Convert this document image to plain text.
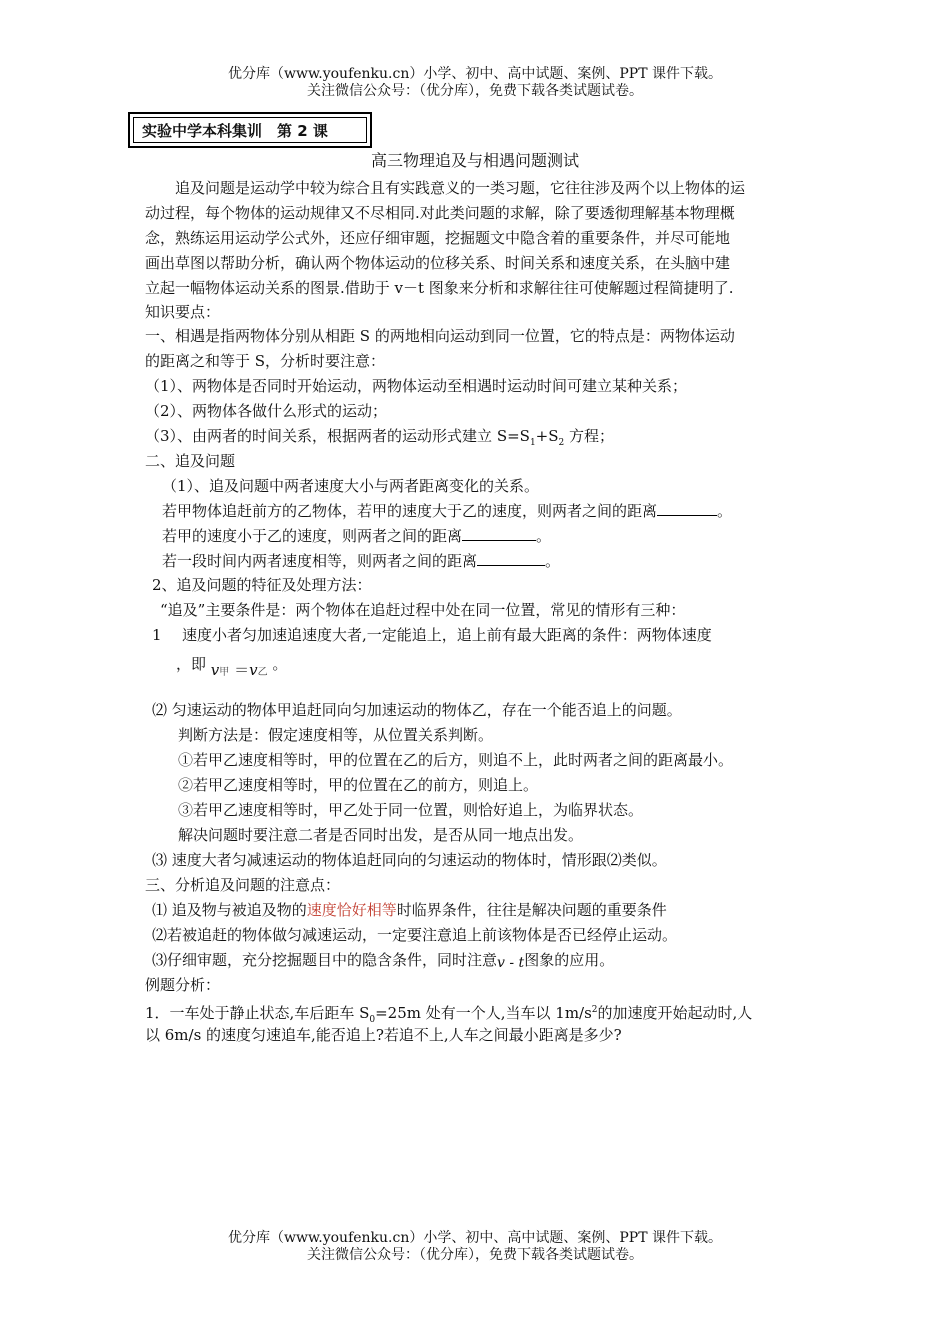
优分库（www.youfenku.cn）小学、初中、高中试题、案例、PPT 课件下载。
关注微信公众号：（优分库），免费下载各类试题试卷。
实验中学本科集训　第 2 课
高三物理追及与相遇问题测试
　　追及问题是运动学中较为综合且有实践意义的一类习题，它往往涉及两个以上物体的运
动过程，每个物体的运动规律又不尽相同.对此类问题的求解，除了要透彻理解基本物理概
念，熟练运用运动学公式外，还应仔细审题，挖掘题文中隐含着的重要条件，并尽可能地
画出草图以帮助分析，确认两个物体运动的位移关系、时间关系和速度关系，在头脑中建
立起一幅物体运动关系的图景.借助于 v－t 图象来分析和求解往往可使解题过程简捷明了.
知识要点：
一、相遇是指两物体分别从相距 S 的两地相向运动到同一位置，它的特点是：两物体运动
的距离之和等于 S，分析时要注意：
（1）、两物体是否同时开始运动，两物体运动至相遇时运动时间可建立某种关系；
（2）、两物体各做什么形式的运动；
（3）、由两者的时间关系，根据两者的运动形式建立 $S=S_1+S_2$ 方程；
二、追及问题
（1）、追及问题中两者速度大小与两者距离变化的关系。
若甲物体追赶前方的乙物体，若甲的速度大于乙的速度，则两者之间的距离	。
若甲的速度小于乙的速度，则两者之间的距离	。
若一段时间内两者速度相等，则两者之间的距离	。
2、追及问题的特征及处理方法：
“追及”主要条件是：两个物体在追赶过程中处在同一位置，常见的情形有三种：
1 速度小者匀加速追速度大者,一定能追上，追上前有最大距离的条件：两物体速度
，即 v甲 ＝v乙 。
⑵ 匀速运动的物体甲追赶同向匀加速运动的物体乙，存在一个能否追上的问题。
判断方法是：假定速度相等，从位置关系判断。
①若甲乙速度相等时，甲的位置在乙的后方，则追不上，此时两者之间的距离最小。
②若甲乙速度相等时，甲的位置在乙的前方，则追上。
③若甲乙速度相等时，甲乙处于同一位置，则恰好追上，为临界状态。
解决问题时要注意二者是否同时出发，是否从同一地点出发。
⑶ 速度大者匀减速运动的物体追赶同向的匀速运动的物体时，情形跟⑵类似。
三、分析追及问题的注意点：
⑴ 追及物与被追及物的速度恰好相等时临界条件，往往是解决问题的重要条件
⑵若被追赶的物体做匀减速运动，一定要注意追上前该物体是否已经停止运动。
⑶仔细审题，充分挖掘题目中的隐含条件，同时注意v - t图象的应用。
例题分析：
1．一车处于静止状态,车后距车 $S_0=25m$ 处有一个人,当车以 $1m/s^2$的加速度开始起动时,人
以 6m/s 的速度匀速追车,能否追上?若追不上,人车之间最小距离是多少?
优分库（www.youfenku.cn）小学、初中、高中试题、案例、PPT 课件下载。
关注微信公众号：（优分库），免费下载各类试题试卷。
